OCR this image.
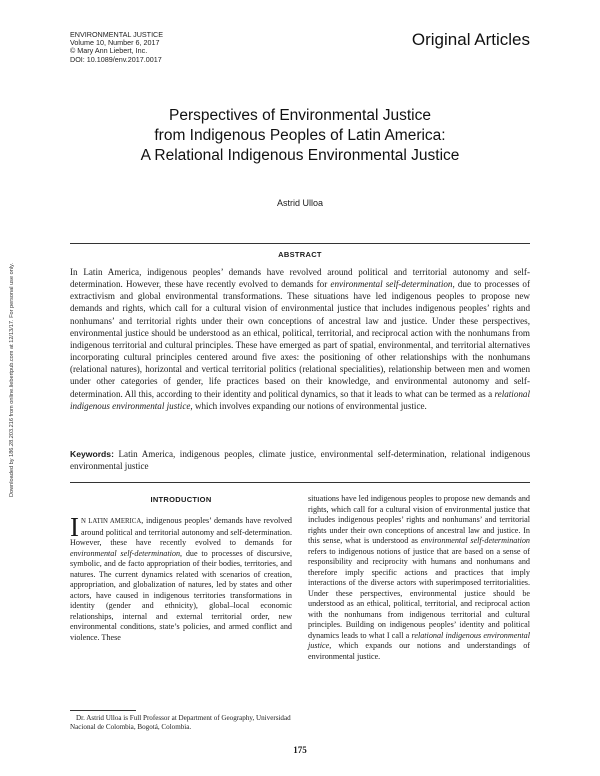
ENVIRONMENTAL JUSTICE
Volume 10, Number 6, 2017
© Mary Ann Liebert, Inc.
DOI: 10.1089/env.2017.0017
Original Articles
Perspectives of Environmental Justice
from Indigenous Peoples of Latin America:
A Relational Indigenous Environmental Justice
Astrid Ulloa
ABSTRACT

In Latin America, indigenous peoples’ demands have revolved around political and territorial autonomy and self-determination. However, these have recently evolved to demands for environmental self-determination, due to processes of extractivism and global environmental transformations. These situations have led indigenous peoples to propose new demands and rights, which call for a cultural vision of environmental justice that includes indigenous peoples’ rights and nonhumans’ and territorial rights under their own conceptions of ancestral law and justice. Under these perspectives, environmental justice should be understood as an ethical, political, territorial, and reciprocal action with the nonhumans from indigenous territorial and cultural principles. These have emerged as part of spatial, environmental, and territorial alternatives incorporating cultural principles centered around five axes: the positioning of other relationships with the nonhumans (relational natures), horizontal and vertical territorial politics (relational specialities), relationship between men and women under other categories of gender, life practices based on their knowledge, and environmental autonomy and self-determination. All this, according to their identity and political dynamics, so that it leads to what can be termed as a relational indigenous environmental justice, which involves expanding our notions of environmental justice.

Keywords: Latin America, indigenous peoples, climate justice, environmental self-determination, relational indigenous environmental justice

Downloaded by 186.28.203.216 from online.liebertpub.com at 12/13/17. For personal use only.
INTRODUCTION

I N LATIN AMERICA, indigenous peoples’ demands have revolved around political and territorial autonomy and self-determination. However, these have recently evolved to demands for environmental self-determination, due to processes of discursive, symbolic, and de facto appropriation of their bodies, territories, and natures. The current dynamics related with scenarios of creation, appropriation, and globalization of natures, led by states and other actors, have caused in indigenous territories transformations in identity (gender and ethnicity), global–local economic relationships, internal and external territorial order, new environmental conditions, state’s policies, and armed conflict and violence. These

situations have led indigenous peoples to propose new demands and rights, which call for a cultural vision of environmental justice that includes indigenous peoples’ rights and nonhumans’ and territorial rights under their own conceptions of ancestral law and justice. In this sense, what is understood as environmental self-determination refers to indigenous notions of justice that are based on a sense of responsibility and reciprocity with humans and nonhumans and therefore imply specific actions and practices that imply interactions of the diverse actors with superimposed territorialities. Under these perspectives, environmental justice should be understood as an ethical, political, territorial, and reciprocal action with the nonhumans from indigenous territorial and cultural principles. Building on indigenous peoples’ identity and political dynamics leads to what I call a relational indigenous environmental justice, which expands our notions and understandings of environmental justice.

Dr. Astrid Ulloa is Full Professor at Department of Geography, Universidad Nacional de Colombia, Bogotá, Colombia.

175
